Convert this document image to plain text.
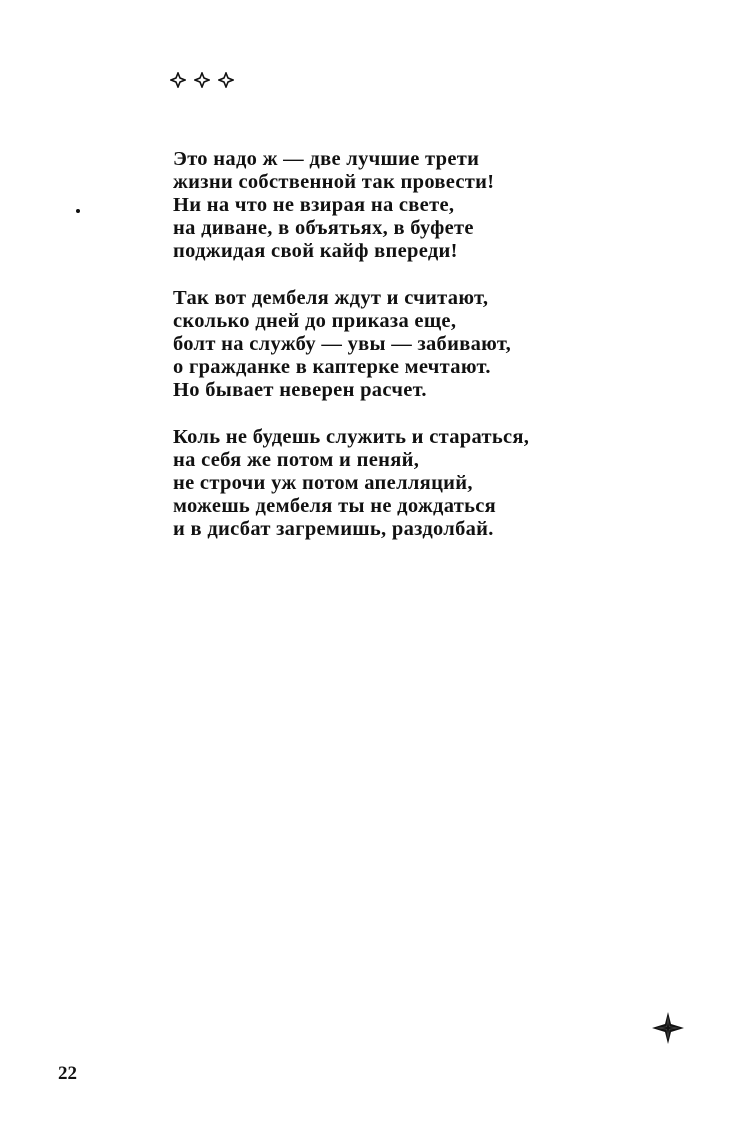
Это надо ж — две лучшие трети
жизни собственной так провести!
Ни на что не взирая на свете,
на диване, в объятьях, в буфете
поджидая свой кайф впереди!
Так вот дембеля ждут и считают,
сколько дней до приказа еще,
болт на службу — увы — забивают,
о гражданке в каптерке мечтают.
Но бывает неверен расчет.
Коль не будешь служить и стараться,
на себя же потом и пеняй,
не строчи уж потом апелляций,
можешь дембеля ты не дождаться
и в дисбат загремишь, раздолбай.
22
